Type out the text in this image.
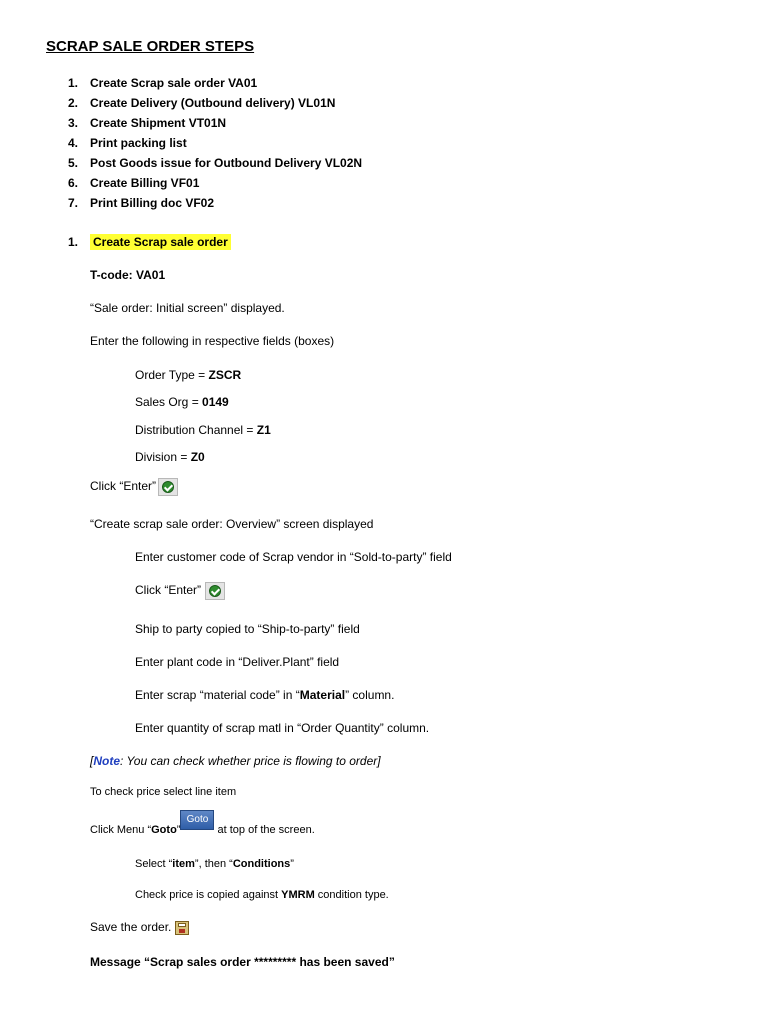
SCRAP SALE ORDER STEPS
1. Create Scrap sale order VA01
2. Create Delivery (Outbound delivery) VL01N
3. Create Shipment VT01N
4. Print packing list
5. Post Goods issue for Outbound Delivery VL02N
6. Create Billing VF01
7. Print Billing doc VF02
1. Create Scrap sale order
T-code: VA01
“Sale order: Initial screen” displayed.
Enter the following in respective fields (boxes)
Order Type = ZSCR
Sales Org = 0149
Distribution Channel = Z1
Division = Z0
Click “Enter”
“Create scrap sale order: Overview” screen displayed
Enter customer code of Scrap vendor in “Sold-to-party” field
Click “Enter”
Ship to party copied to “Ship-to-party” field
Enter plant code in “Deliver.Plant” field
Enter scrap “material code” in “Material” column.
Enter quantity of scrap matl in “Order Quantity” column.
[Note: You can check whether price is flowing to order]
To check price select line item
Click Menu “Goto”Goto at top of the screen.
Select “item”, then “Conditions”
Check price is copied against YMRM condition type.
Save the order.
Message “Scrap sales order ********* has been saved”
